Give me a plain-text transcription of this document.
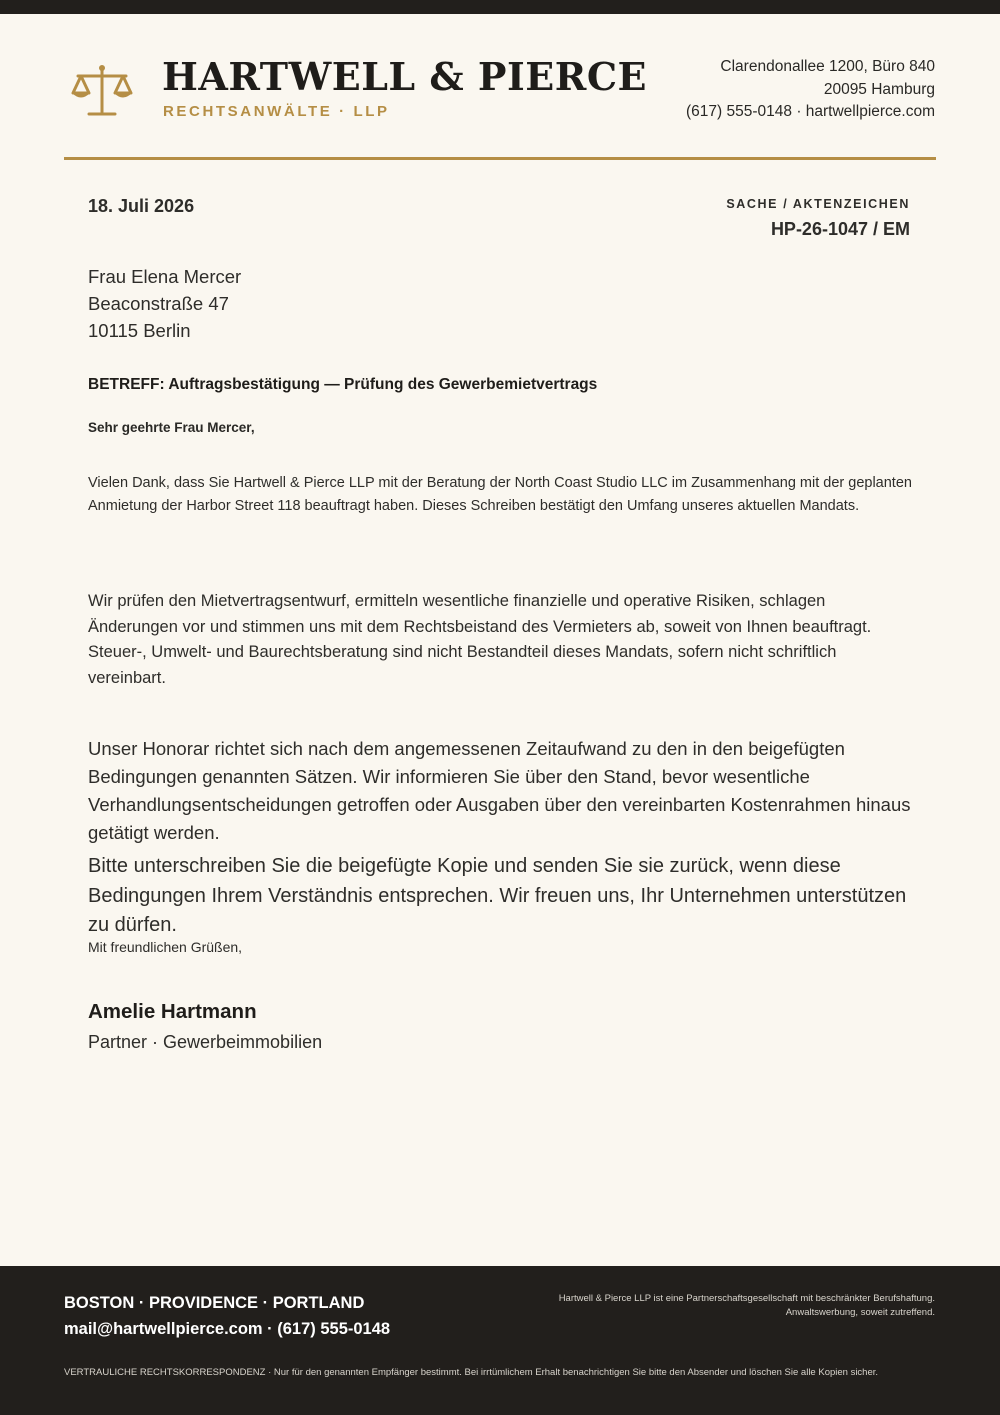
HARTWELL & PIERCE
RECHTSANWÄLTE · LLP
Clarendonallee 1200, Büro 840
20095 Hamburg
(617) 555-0148 · hartwellpierce.com
18. Juli 2026	SACHE / AKTENZEICHEN
HP-26-1047 / EM
Frau Elena Mercer
Beaconstraße 47
10115 Berlin
BETREFF: Auftragsbestätigung — Prüfung des Gewerbemietvertrags
Sehr geehrte Frau Mercer,

Vielen Dank, dass Sie Hartwell & Pierce LLP mit der Beratung der North Coast Studio LLC im Zusammenhang mit der geplanten Anmietung der Harbor Street 118 beauftragt haben. Dieses Schreiben bestätigt den Umfang unseres aktuellen Mandats.

Wir prüfen den Mietvertragsentwurf, ermitteln wesentliche finanzielle und operative Risiken, schlagen Änderungen vor und stimmen uns mit dem Rechtsbeistand des Vermieters ab, soweit von Ihnen beauftragt. Steuer-, Umwelt- und Baurechtsberatung sind nicht Bestandteil dieses Mandats, sofern nicht schriftlich vereinbart.

Unser Honorar richtet sich nach dem angemessenen Zeitaufwand zu den in den beigefügten Bedingungen genannten Sätzen. Wir informieren Sie über den Stand, bevor wesentliche Verhandlungsentscheidungen getroffen oder Ausgaben über den vereinbarten Kostenrahmen hinaus getätigt werden.

Bitte unterschreiben Sie die beigefügte Kopie und senden Sie sie zurück, wenn diese Bedingungen Ihrem Verständnis entsprechen. Wir freuen uns, Ihr Unternehmen unterstützen zu dürfen.

Mit freundlichen Grüßen,
Amelie Hartmann
Partner · Gewerbeimmobilien
BOSTON · PROVIDENCE · PORTLAND
mail@hartwellpierce.com · (617) 555-0148
Hartwell & Pierce LLP ist eine Partnerschaftsgesellschaft mit beschränkter Berufshaftung.
Anwaltswerbung, soweit zutreffend.
VERTRAULICHE RECHTSKORRESPONDENZ · Nur für den genannten Empfänger bestimmt. Bei irrtümlichem Erhalt benachrichtigen Sie bitte den Absender und löschen Sie alle Kopien sicher.
